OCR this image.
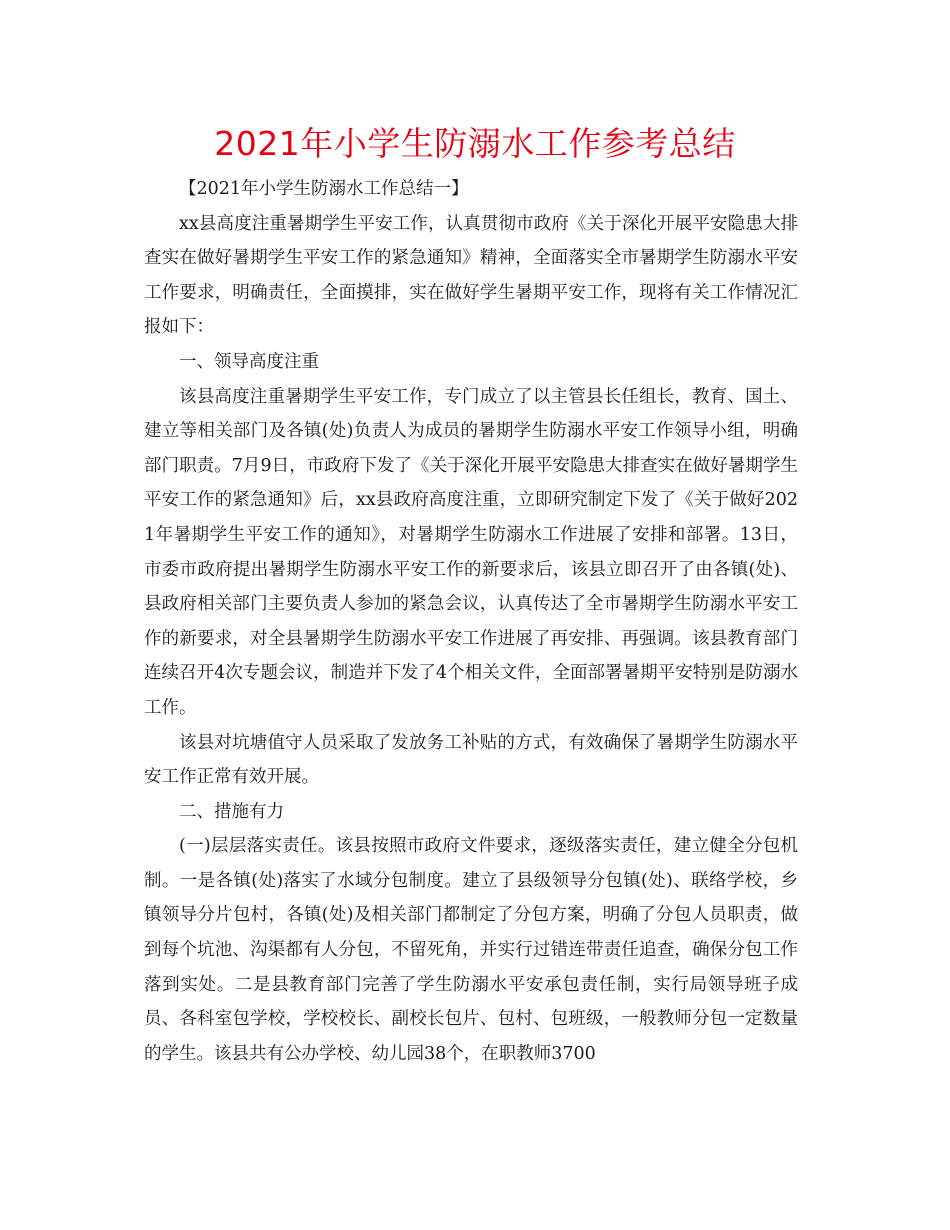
2021年小学生防溺水工作参考总结

【2021年小学生防溺水工作总结一】

xx县高度注重暑期学生平安工作，认真贯彻市政府《关于深化开展平安隐患大排查实在做好暑期学生平安工作的紧急通知》精神，全面落实全市暑期学生防溺水平安工作要求，明确责任，全面摸排，实在做好学生暑期平安工作，现将有关工作情况汇报如下：

一、领导高度注重

该县高度注重暑期学生平安工作，专门成立了以主管县长任组长，教育、国土、建立等相关部门及各镇(处)负责人为成员的暑期学生防溺水平安工作领导小组，明确部门职责。7月9日，市政府下发了《关于深化开展平安隐患大排查实在做好暑期学生平安工作的紧急通知》后，xx县政府高度注重，立即研究制定下发了《关于做好2021年暑期学生平安工作的通知》，对暑期学生防溺水工作进展了安排和部署。13日，市委市政府提出暑期学生防溺水平安工作的新要求后，该县立即召开了由各镇(处)、县政府相关部门主要负责人参加的紧急会议，认真传达了全市暑期学生防溺水平安工作的新要求，对全县暑期学生防溺水平安工作进展了再安排、再强调。该县教育部门连续召开4次专题会议，制造并下发了4个相关文件，全面部署暑期平安特别是防溺水工作。

该县对坑塘值守人员采取了发放务工补贴的方式，有效确保了暑期学生防溺水平安工作正常有效开展。

二、措施有力

(一)层层落实责任。该县按照市政府文件要求，逐级落实责任，建立健全分包机制。一是各镇(处)落实了水域分包制度。建立了县级领导分包镇(处)、联络学校，乡镇领导分片包村，各镇(处)及相关部门都制定了分包方案，明确了分包人员职责，做到每个坑池、沟渠都有人分包，不留死角，并实行过错连带责任追查，确保分包工作落到实处。二是县教育部门完善了学生防溺水平安承包责任制，实行局领导班子成员、各科室包学校，学校校长、副校长包片、包村、包班级，一般教师分包一定数量的学生。该县共有公办学校、幼儿园38个，在职教师3700
